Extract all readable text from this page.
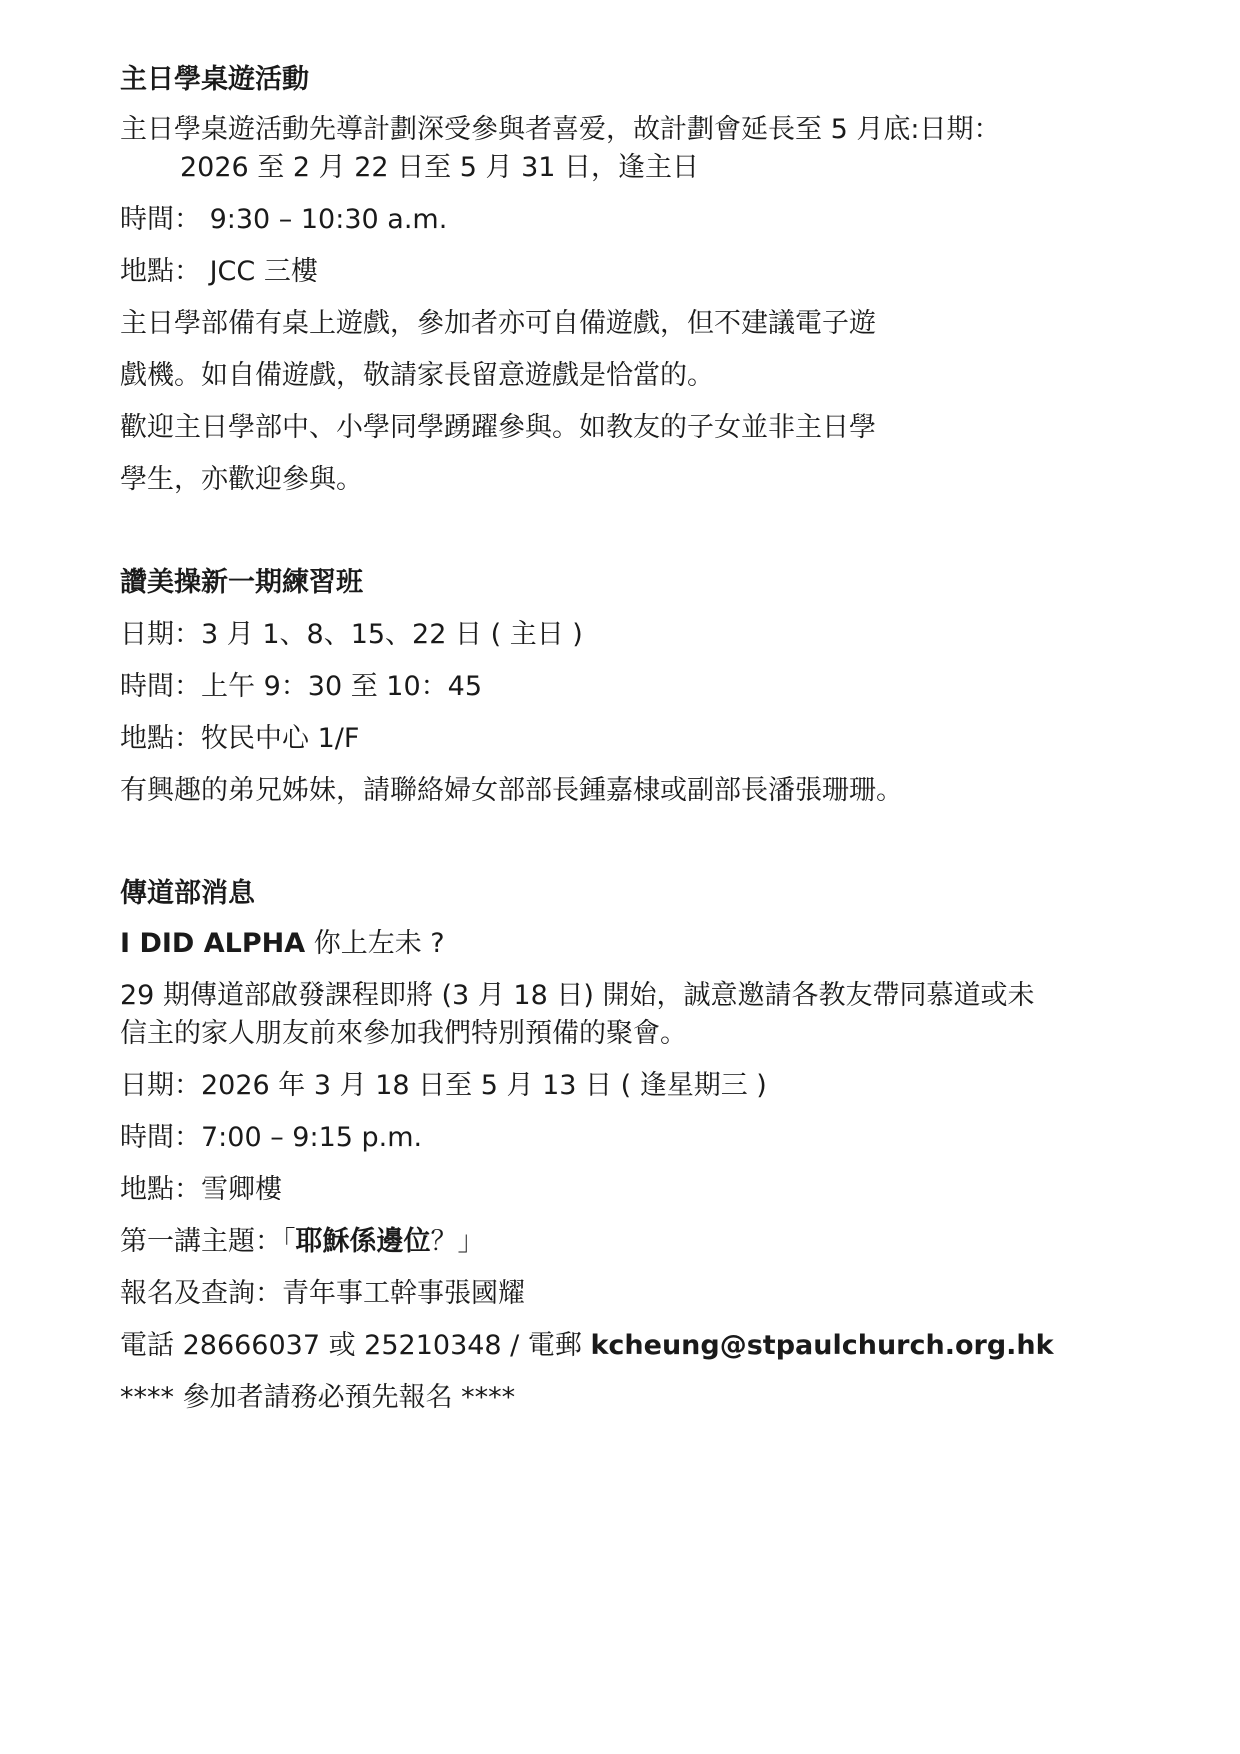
主日學桌遊活動
主日學桌遊活動先導計劃深受參與者喜爱，故計劃會延長至 5 月底:日期：
2026 至 2 月 22 日至 5 月 31 日，逢主日
時間： 9:30 – 10:30 a.m.
地點： JCC 三樓
主日學部備有桌上遊戲，參加者亦可自備遊戲，但不建議電子遊
戲機。如自備遊戲，敬請家長留意遊戲是恰當的。
歡迎主日學部中、小學同學踴躍參與。如教友的子女並非主日學
學生，亦歡迎參與。
讚美操新一期練習班
日期：3 月 1、8、15、22 日 ( 主日 )
時間：上午 9：30 至 10：45
地點：牧民中心 1/F
有興趣的弟兄姊妹，請聯絡婦女部部長鍾嘉棣或副部長潘張珊珊。
傳道部消息
I DID ALPHA 你上左未 ?
29 期傳道部啟發課程即將 (3 月 18 日) 開始，誠意邀請各教友帶同慕道或未
信主的家人朋友前來參加我們特別預備的聚會。
日期：2026 年 3 月 18 日至 5 月 13 日 ( 逢星期三 )
時間：7:00 – 9:15 p.m.
地點：雪卿樓
第一講主題：「耶穌係邊位？」
報名及查詢：青年事工幹事張國耀
電話 28666037 或 25210348 / 電郵 kcheung@stpaulchurch.org.hk
**** 參加者請務必預先報名 ****
